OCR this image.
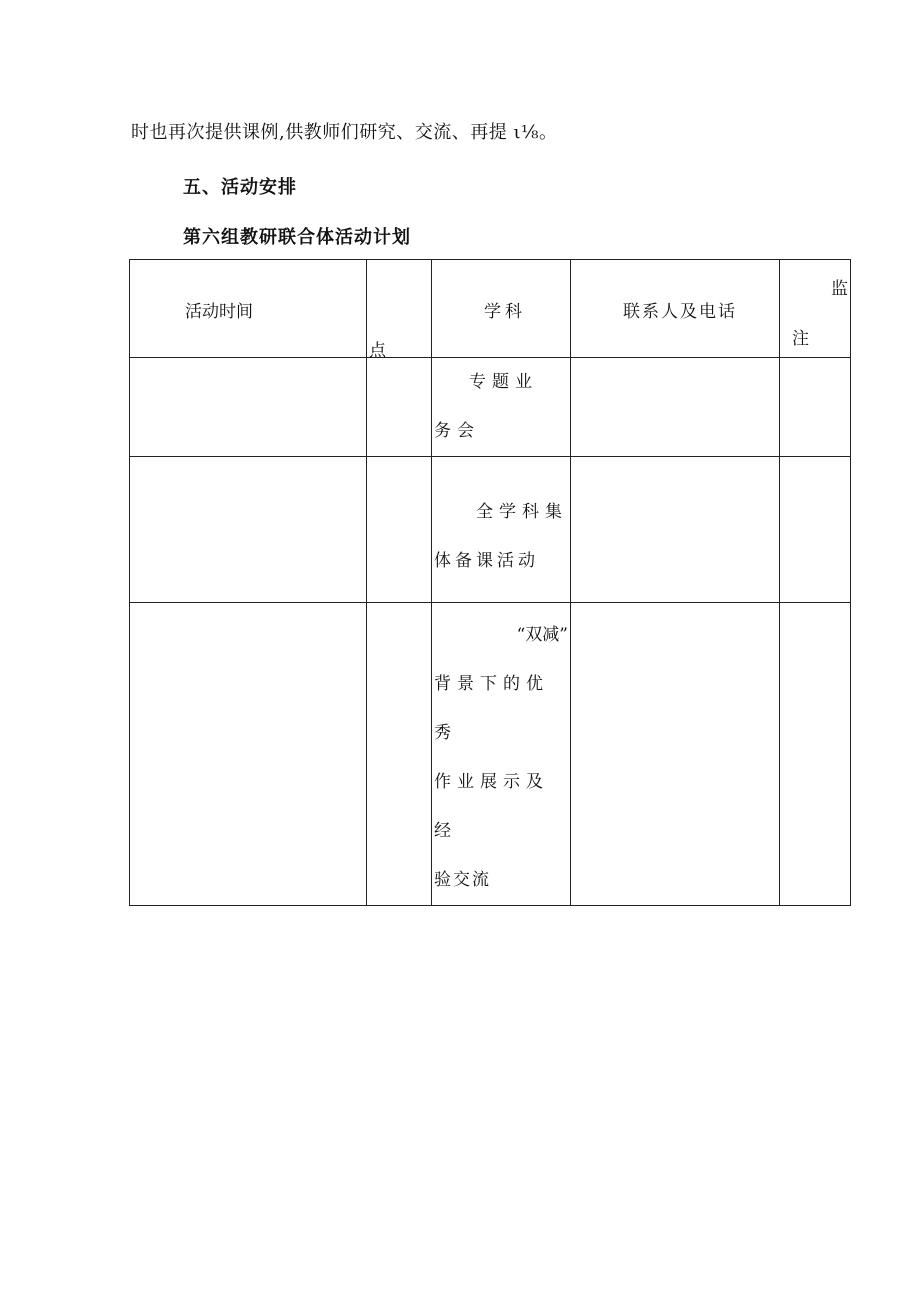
时也再次提供课例,供教师们研究、交流、再提 ι⅛。
五、活动安排
第六组教研联合体活动计划
活动时间	点	学科	联系人及电话	监
注

		专题业
务会		

		全学科集
体备课活动		

		“双减”
背景下的优秀
作业展示及经
验交流		
